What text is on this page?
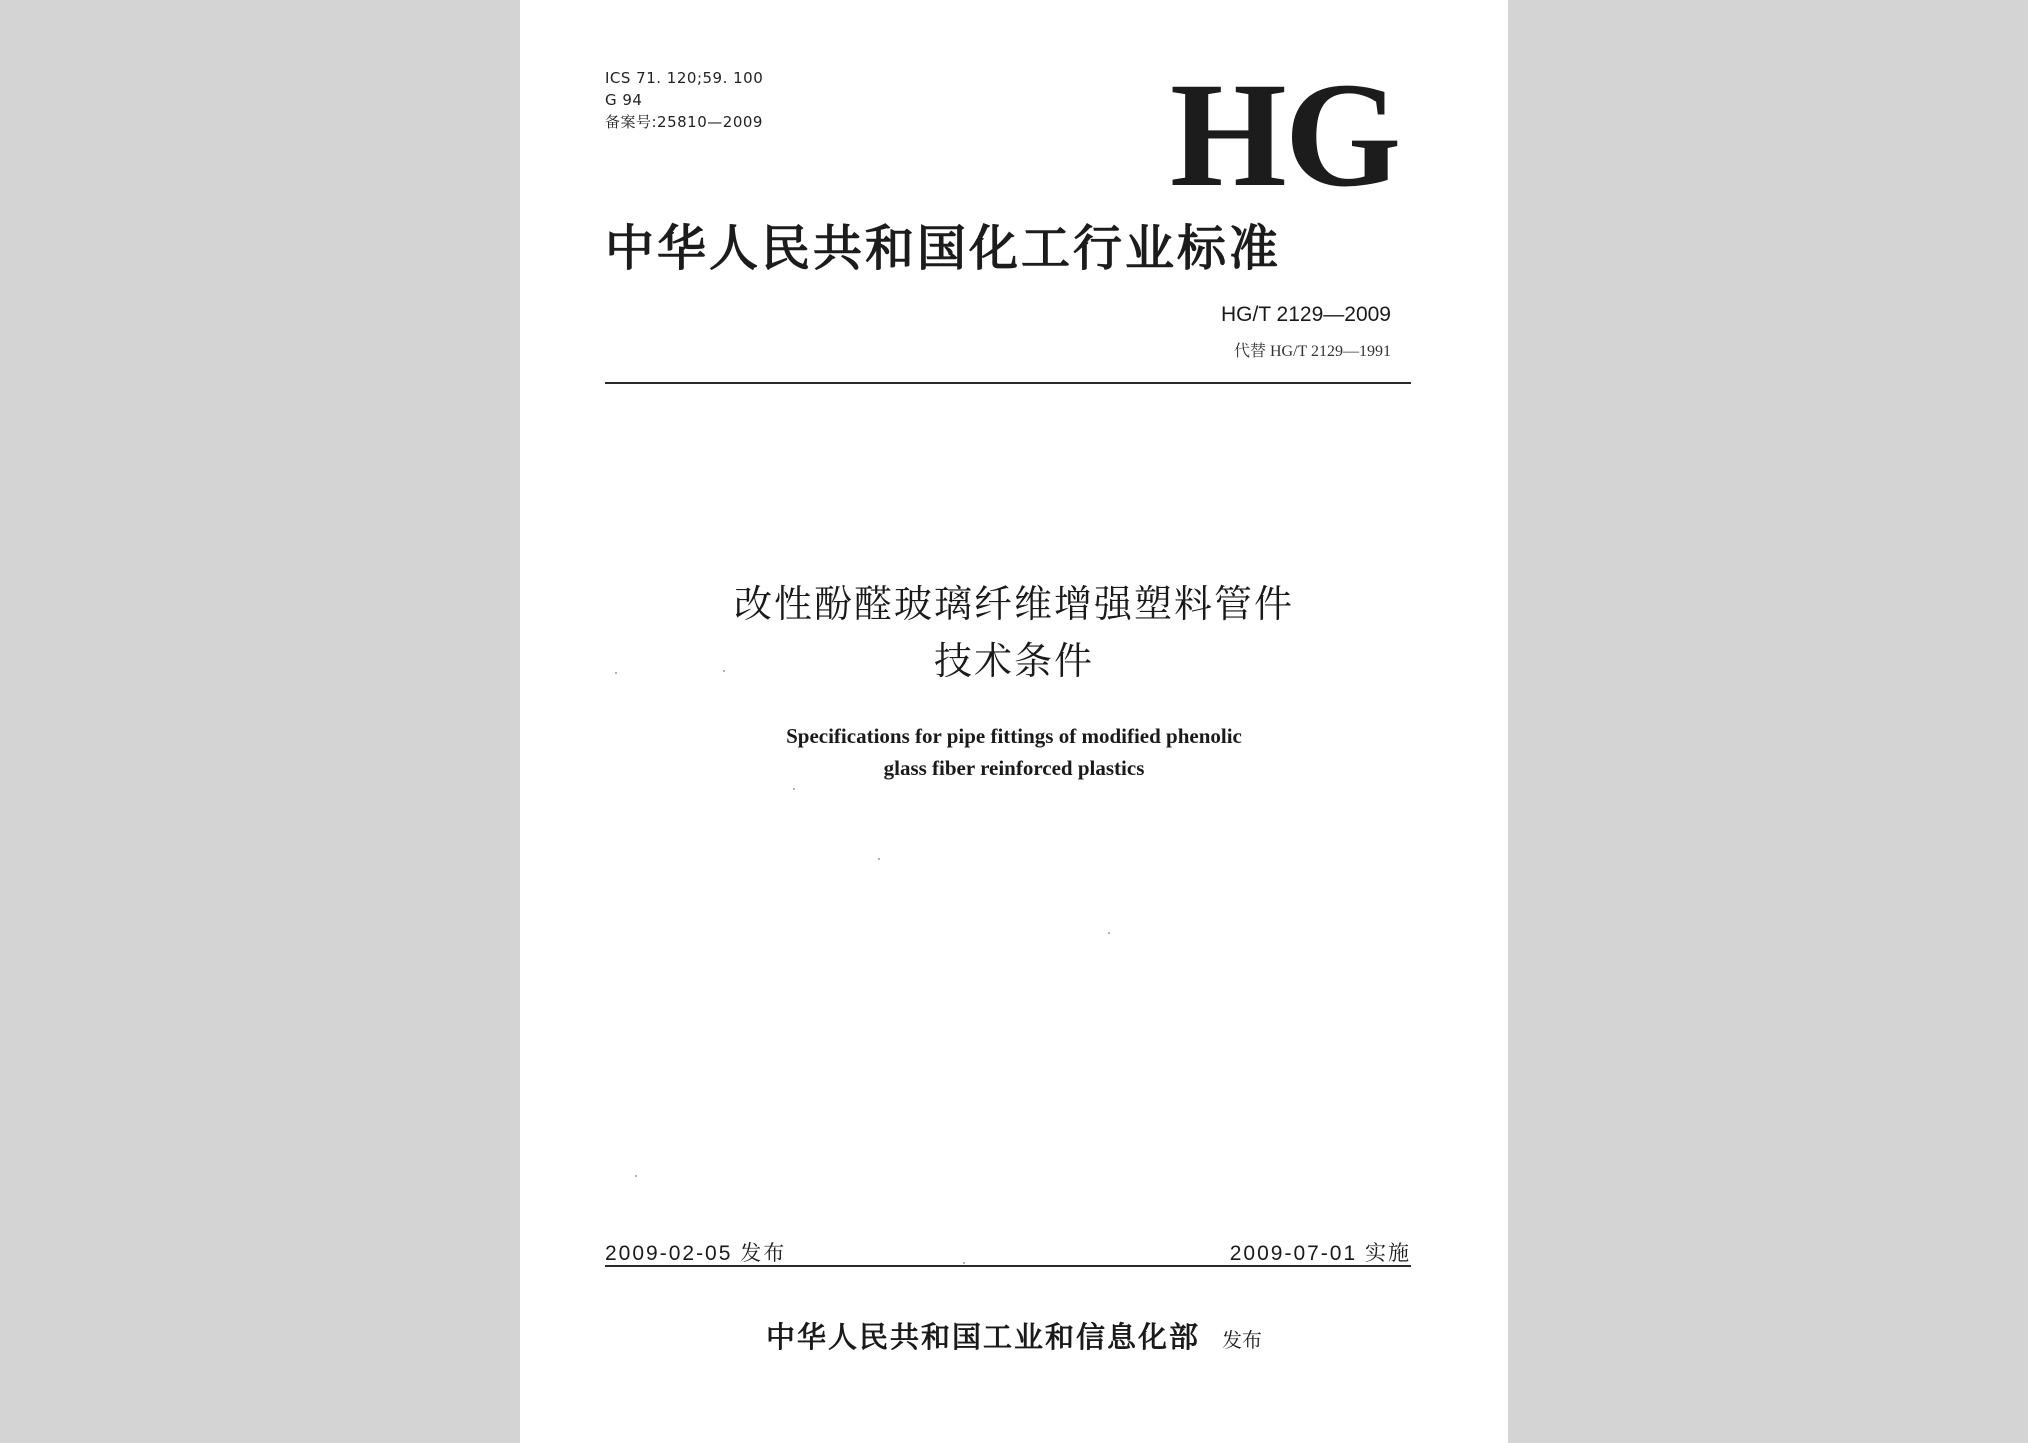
ICS 71. 120;59. 100
G 94
备案号:25810—2009	HG
中华人民共和国化工行业标准
HG/T 2129—2009
代替 HG/T 2129—1991
改性酚醛玻璃纤维增强塑料管件
技术条件
Specifications for pipe fittings of modified phenolic
glass fiber reinforced plastics
2009-02-05 发布	2009-07-01 实施
中华人民共和国工业和信息化部 发布
